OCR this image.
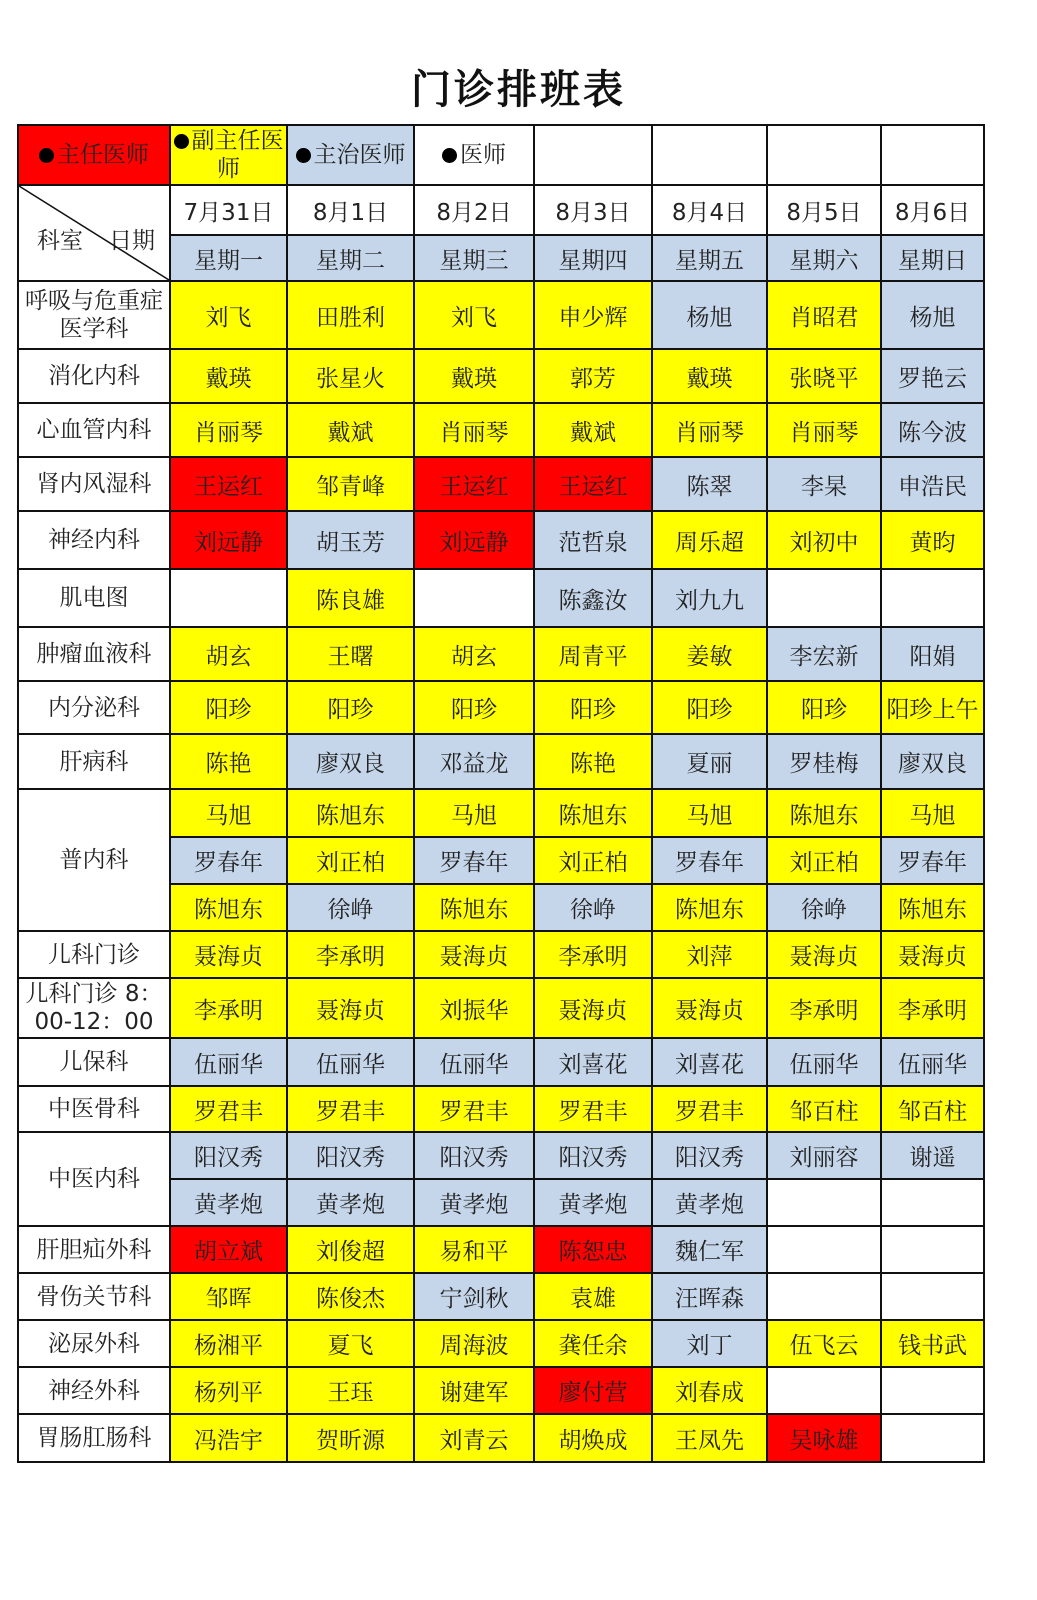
门诊排班表
主任医师	副主任医师	主治医师	医师				

科室 日期	7月31日	8月1日	8月2日	8月3日	8月4日	8月5日	8月6日
	星期一	星期二	星期三	星期四	星期五	星期六	星期日
呼吸与危重症医学科	刘飞	田胜利	刘飞	申少辉	杨旭	肖昭君	杨旭
消化内科	戴瑛	张星火	戴瑛	郭芳	戴瑛	张晓平	罗艳云
心血管内科	肖丽琴	戴斌	肖丽琴	戴斌	肖丽琴	肖丽琴	陈今波
肾内风湿科	王运红	邹青峰	王运红	王运红	陈翠	李杲	申浩民
神经内科	刘远静	胡玉芳	刘远静	范哲泉	周乐超	刘初中	黄昀
肌电图		陈良雄		陈鑫汝	刘九九		
肿瘤血液科	胡玄	王曙	胡玄	周青平	姜敏	李宏新	阳娟
内分泌科	阳珍	阳珍	阳珍	阳珍	阳珍	阳珍	阳珍上午
肝病科	陈艳	廖双良	邓益龙	陈艳	夏丽	罗桂梅	廖双良
普内科	马旭	陈旭东	马旭	陈旭东	马旭	陈旭东	马旭
	罗春年	刘正柏	罗春年	刘正柏	罗春年	刘正柏	罗春年
	陈旭东	徐峥	陈旭东	徐峥	陈旭东	徐峥	陈旭东
儿科门诊	聂海贞	李承明	聂海贞	李承明	刘萍	聂海贞	聂海贞
儿科门诊 8：00-12：00	李承明	聂海贞	刘振华	聂海贞	聂海贞	李承明	李承明
儿保科	伍丽华	伍丽华	伍丽华	刘喜花	刘喜花	伍丽华	伍丽华
中医骨科	罗君丰	罗君丰	罗君丰	罗君丰	罗君丰	邹百柱	邹百柱
中医内科	阳汉秀	阳汉秀	阳汉秀	阳汉秀	阳汉秀	刘丽容	谢遥
	黄孝炮	黄孝炮	黄孝炮	黄孝炮	黄孝炮		
肝胆疝外科	胡立斌	刘俊超	易和平	陈恕忠	魏仁军		
骨伤关节科	邹晖	陈俊杰	宁剑秋	袁雄	汪晖森		
泌尿外科	杨湘平	夏飞	周海波	龚任余	刘丁	伍飞云	钱书武
神经外科	杨列平	王珏	谢建军	廖付营	刘春成		
胃肠肛肠科	冯浩宇	贺昕源	刘青云	胡焕成	王凤先	吴咏雄	
